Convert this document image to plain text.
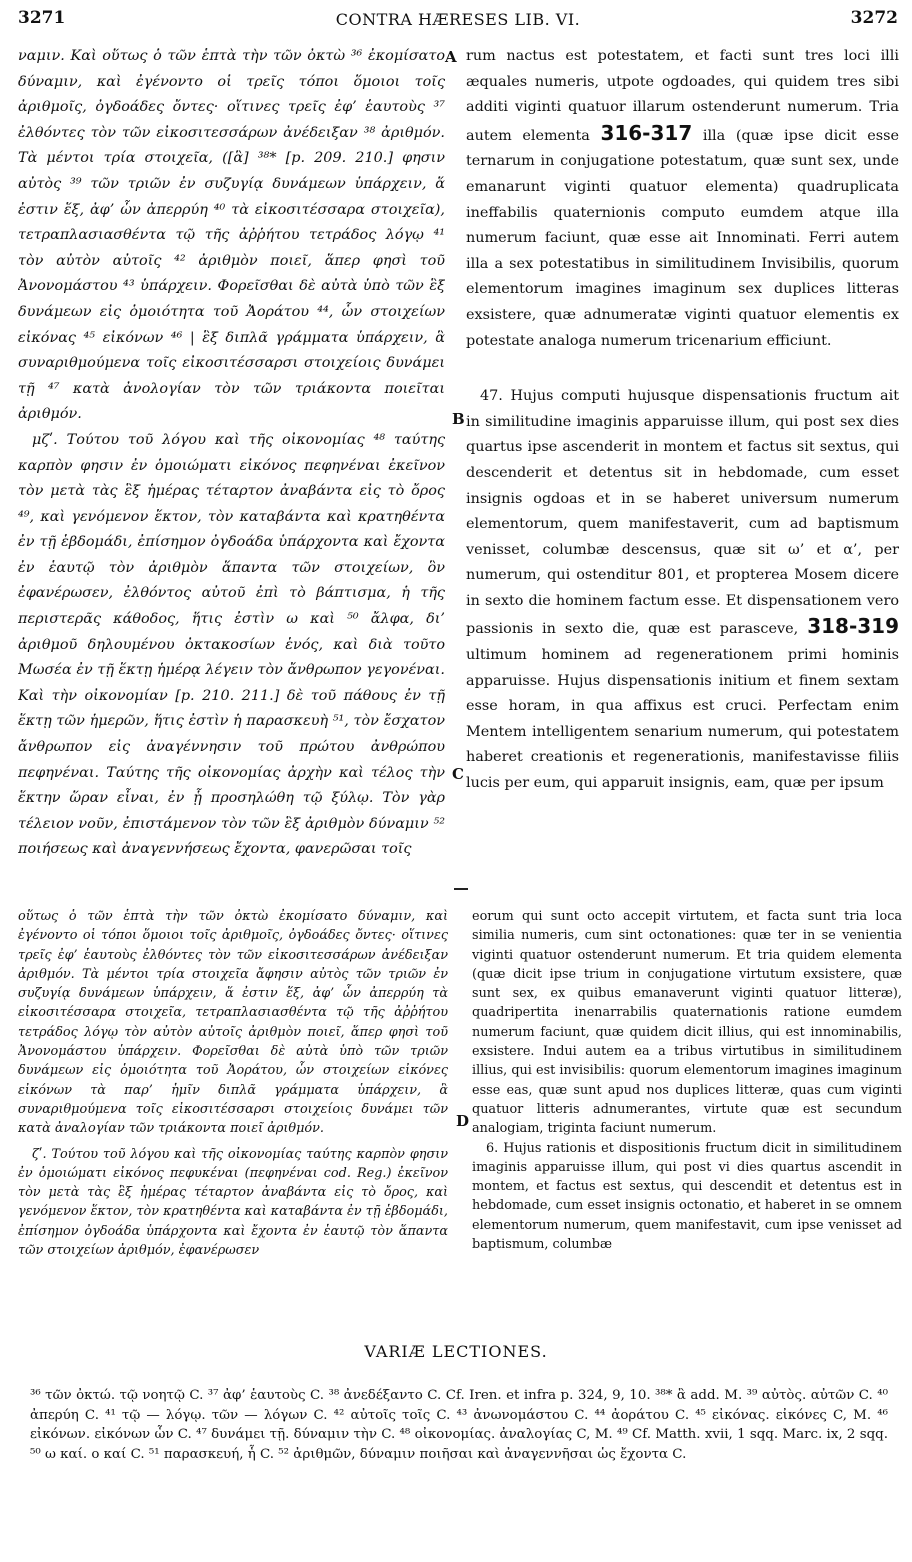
3271	CONTRA HÆRESES LIB. VI.	3272

ναμιν. Καὶ οὕτως ὁ τῶν ἑπτὰ τὴν τῶν ὀκτὼ ³⁶ ἐκομίσατο δύναμιν, καὶ ἐγένοντο οἱ τρεῖς τόποι ὅμοιοι τοῖς ἀριθμοῖς, ὀγδοάδες ὄντες· οἵτινες τρεῖς ἐφ’ ἑαυτοὺς ³⁷ ἐλθόντες τὸν τῶν εἰκοσιτεσσάρων ἀνέδειξαν ³⁸ ἀριθμόν. Τὰ μέντοι τρία στοιχεῖα, ([ἃ] ³⁸* [p. 209. 210.] φησιν αὐτὸς ³⁹ τῶν τριῶν ἐν συζυγίᾳ δυνάμεων ὑπάρχειν, ἅ ἐστιν ἕξ, ἀφ’ ὧν ἀπερρύη ⁴⁰ τὰ εἰκοσιτέσσαρα στοιχεῖα), τετραπλασιασθέντα τῷ τῆς ἀῤῥήτου τετράδος λόγῳ ⁴¹ τὸν αὐτὸν αὐτοῖς ⁴² ἀριθμὸν ποιεῖ, ἅπερ φησὶ τοῦ Ἀνονομάστου ⁴³ ὑπάρχειν. Φορεῖσθαι δὲ αὐτὰ ὑπὸ τῶν ἓξ δυνάμεων εἰς ὁμοιότητα τοῦ Ἀοράτου ⁴⁴, ὧν στοιχείων εἰκόνας ⁴⁵ εἰκόνων ⁴⁶ | ἓξ διπλᾶ γράμματα ὑπάρχειν, ἃ συναριθμούμενα τοῖς εἰκοσιτέσσαρσι στοιχείοις δυνάμει τῇ ⁴⁷ κατὰ ἀνολογίαν τὸν τῶν τριάκοντα ποιεῖται ἀριθμόν.

μζʹ. Τούτου τοῦ λόγου καὶ τῆς οἰκονομίας ⁴⁸ ταύτης καρπὸν φησιν ἐν ὁμοιώματι εἰκόνος πεφηνέναι ἐκεῖνον τὸν μετὰ τὰς ἓξ ἡμέρας τέταρτον ἀναβάντα εἰς τὸ ὄρος ⁴⁹, καὶ γενόμενον ἕκτον, τὸν καταβάντα καὶ κρατηθέντα ἐν τῇ ἑβδομάδι, ἐπίσημον ὀγδοάδα ὑπάρχοντα καὶ ἔχοντα ἐν ἑαυτῷ τὸν ἀριθμὸν ἅπαντα τῶν στοιχείων, ὃν ἐφανέρωσεν, ἐλθόντος αὐτοῦ ἐπὶ τὸ βάπτισμα, ἡ τῆς περιστερᾶς κάθοδος, ἥτις ἐστὶν ω καὶ ⁵⁰ ἄλφα, δι’ ἀριθμοῦ δηλουμένου ὀκτακοσίων ἑνός, καὶ διὰ τοῦτο Μωσέα ἐν τῇ ἕκτῃ ἡμέρᾳ λέγειν τὸν ἄνθρωπον γεγονέναι. Καὶ τὴν οἰκονομίαν [p. 210. 211.] δὲ τοῦ πάθους ἐν τῇ ἕκτῃ τῶν ἡμερῶν, ἥτις ἐστὶν ἡ παρασκευὴ ⁵¹, τὸν ἔσχατον ἄνθρωπον εἰς ἀναγέννησιν τοῦ πρώτου ἀνθρώπου πεφηνέναι. Ταύτης τῆς οἰκονομίας ἀρχὴν καὶ τέλος τὴν ἕκτην ὥραν εἶναι, ἐν ᾗ προσηλώθη τῷ ξύλῳ. Τὸν γὰρ τέλειον νοῦν, ἐπιστάμενον τὸν τῶν ἓξ ἀριθμὸν δύναμιν ⁵² ποιήσεως καὶ ἀναγεννήσεως ἔχοντα, φανερῶσαι τοῖς

rum nactus est potestatem, et facti sunt tres loci illi æquales numeris, utpote ogdoades, qui quidem tres sibi additi viginti quatuor illarum ostenderunt numerum. Tria autem elementa 316-317 illa (quæ ipse dicit esse ternarum in conjugatione potestatum, quæ sunt sex, unde emanarunt viginti quatuor elementa) quadruplicata ineffabilis quaternionis computo eumdem atque illa numerum faciunt, quæ esse ait Innominati. Ferri autem illa a sex potestatibus in similitudinem Invisibilis, quorum elementorum imagines imaginum sex duplices litteras exsistere, quæ adnumeratæ viginti quatuor elementis ex potestate analoga numerum tricenarium efficiunt.

47. Hujus computi hujusque dispensationis fructum ait in similitudine imaginis apparuisse illum, qui post sex dies quartus ipse ascenderit in montem et factus sit sextus, qui descenderit et detentus sit in hebdomade, cum esset insignis ogdoas et in se haberet universum numerum elementorum, quem manifestaverit, cum ad baptismum venisset, columbæ descensus, quæ sit ω’ et α’, per numerum, qui ostenditur 801, et propterea Mosem dicere in sexto die hominem factum esse. Et dispensationem vero passionis in sexto die, quæ est parasceve, 318-319 ultimum hominem ad regenerationem primi hominis apparuisse. Hujus dispensationis initium et finem sextam esse horam, in qua affixus est cruci. Perfectam enim Mentem intelligentem senarium numerum, qui potestatem haberet creationis et regenerationis, manifestavisse filiis lucis per eum, qui apparuit insignis, eam, quæ per ipsum

A
B
C
D

οὕτως ὁ τῶν ἑπτὰ τὴν τῶν ὀκτὼ ἐκομίσατο δύναμιν, καὶ ἐγένοντο οἱ τόποι ὅμοιοι τοῖς ἀριθμοῖς, ὀγδοάδες ὄντες· οἵτινες τρεῖς ἐφ’ ἑαυτοὺς ἐλθόντες τὸν τῶν εἰκοσιτεσσάρων ἀνέδειξαν ἀριθμόν. Τὰ μέντοι τρία στοιχεῖα ἄφησιν αὐτὸς τῶν τριῶν ἐν συζυγίᾳ δυνάμεων ὑπάρχειν, ἅ ἐστιν ἕξ, ἀφ’ ὧν ἀπερρύη τὰ εἰκοσιτέσσαρα στοιχεῖα, τετραπλασιασθέντα τῷ τῆς ἀῤῥήτου τετράδος λόγῳ τὸν αὐτὸν αὐτοῖς ἀριθμὸν ποιεῖ, ἅπερ φησὶ τοῦ Ἀνονομάστου ὑπάρχειν. Φορεῖσθαι δὲ αὐτὰ ὑπὸ τῶν τριῶν δυνάμεων εἰς ὁμοιότητα τοῦ Ἀοράτου, ὧν στοιχείων εἰκόνες εἰκόνων τὰ παρ’ ἡμῖν διπλᾶ γράμματα ὑπάρχειν, ἃ συναριθμούμενα τοῖς εἰκοσιτέσσαρσι στοιχείοις δυνάμει τῶν κατὰ ἀναλογίαν τῶν τριάκοντα ποιεῖ ἀριθμόν.

ζʹ. Τούτου τοῦ λόγου καὶ τῆς οἰκονομίας ταύτης καρπὸν φησιν ἐν ὁμοιώματι εἰκόνος πεφυκέναι (πεφηνέναι cod. Reg.) ἐκεῖνον τὸν μετὰ τὰς ἓξ ἡμέρας τέταρτον ἀναβάντα εἰς τὸ ὄρος, καὶ γενόμενον ἕκτον, τὸν κρατηθέντα καὶ καταβάντα ἐν τῇ ἑβδομάδι, ἐπίσημον ὀγδοάδα ὑπάρχοντα καὶ ἔχοντα ἐν ἑαυτῷ τὸν ἅπαντα τῶν στοιχείων ἀριθμόν, ἐφανέρωσεν

eorum qui sunt octo accepit virtutem, et facta sunt tria loca similia numeris, cum sint octonationes: quæ ter in se venientia viginti quatuor ostenderunt numerum. Et tria quidem elementa (quæ dicit ipse trium in conjugatione virtutum exsistere, quæ sunt sex, ex quibus emanaverunt viginti quatuor litteræ), quadripertita inenarrabilis quaternationis ratione eumdem numerum faciunt, quæ quidem dicit illius, qui est innominabilis, exsistere. Indui autem ea a tribus virtutibus in similitudinem illius, qui est invisibilis: quorum elementorum imagines imaginum esse eas, quæ sunt apud nos duplices litteræ, quas cum viginti quatuor litteris adnumerantes, virtute quæ est secundum analogiam, triginta faciunt numerum.

6. Hujus rationis et dispositionis fructum dicit in similitudinem imaginis apparuisse illum, qui post vi dies quartus ascendit in montem, et factus est sextus, qui descendit et detentus est in hebdomade, cum esset insignis octonatio, et haberet in se omnem elementorum numerum, quem manifestavit, cum ipse venisset ad baptismum, columbæ

VARIÆ LECTIONES.
³⁶ τῶν ὀκτώ. τῷ νοητῷ C. ³⁷ ἀφ’ ἑαυτοὺς C. ³⁸ ἀνεδέξαντο C. Cf. Iren. et infra p. 324, 9, 10. ³⁸* ἃ add. M. ³⁹ αὐτὸς. αὐτῶν C. ⁴⁰ ἀπερύη C. ⁴¹ τῷ — λόγῳ. τῶν — λόγων C. ⁴² αὐτοῖς τοῖς C. ⁴³ ἀνωνομάστου C. ⁴⁴ ἀοράτου C. ⁴⁵ εἰκόνας. εἰκόνες C, M. ⁴⁶ εἰκόνων. εἰκόνων ὧν C. ⁴⁷ δυνάμει τῇ. δύναμιν τὴν C. ⁴⁸ οἰκονομίας. ἀναλογίας C, M. ⁴⁹ Cf. Matth. xvii, 1 sqq. Marc. ix, 2 sqq. ⁵⁰ ω καί. ο καί C. ⁵¹ παρασκευή, ἧ C. ⁵² ἀριθμῶν, δύναμιν ποιῆσαι καὶ ἀναγεννῆσαι ὡς ἔχοντα C.
